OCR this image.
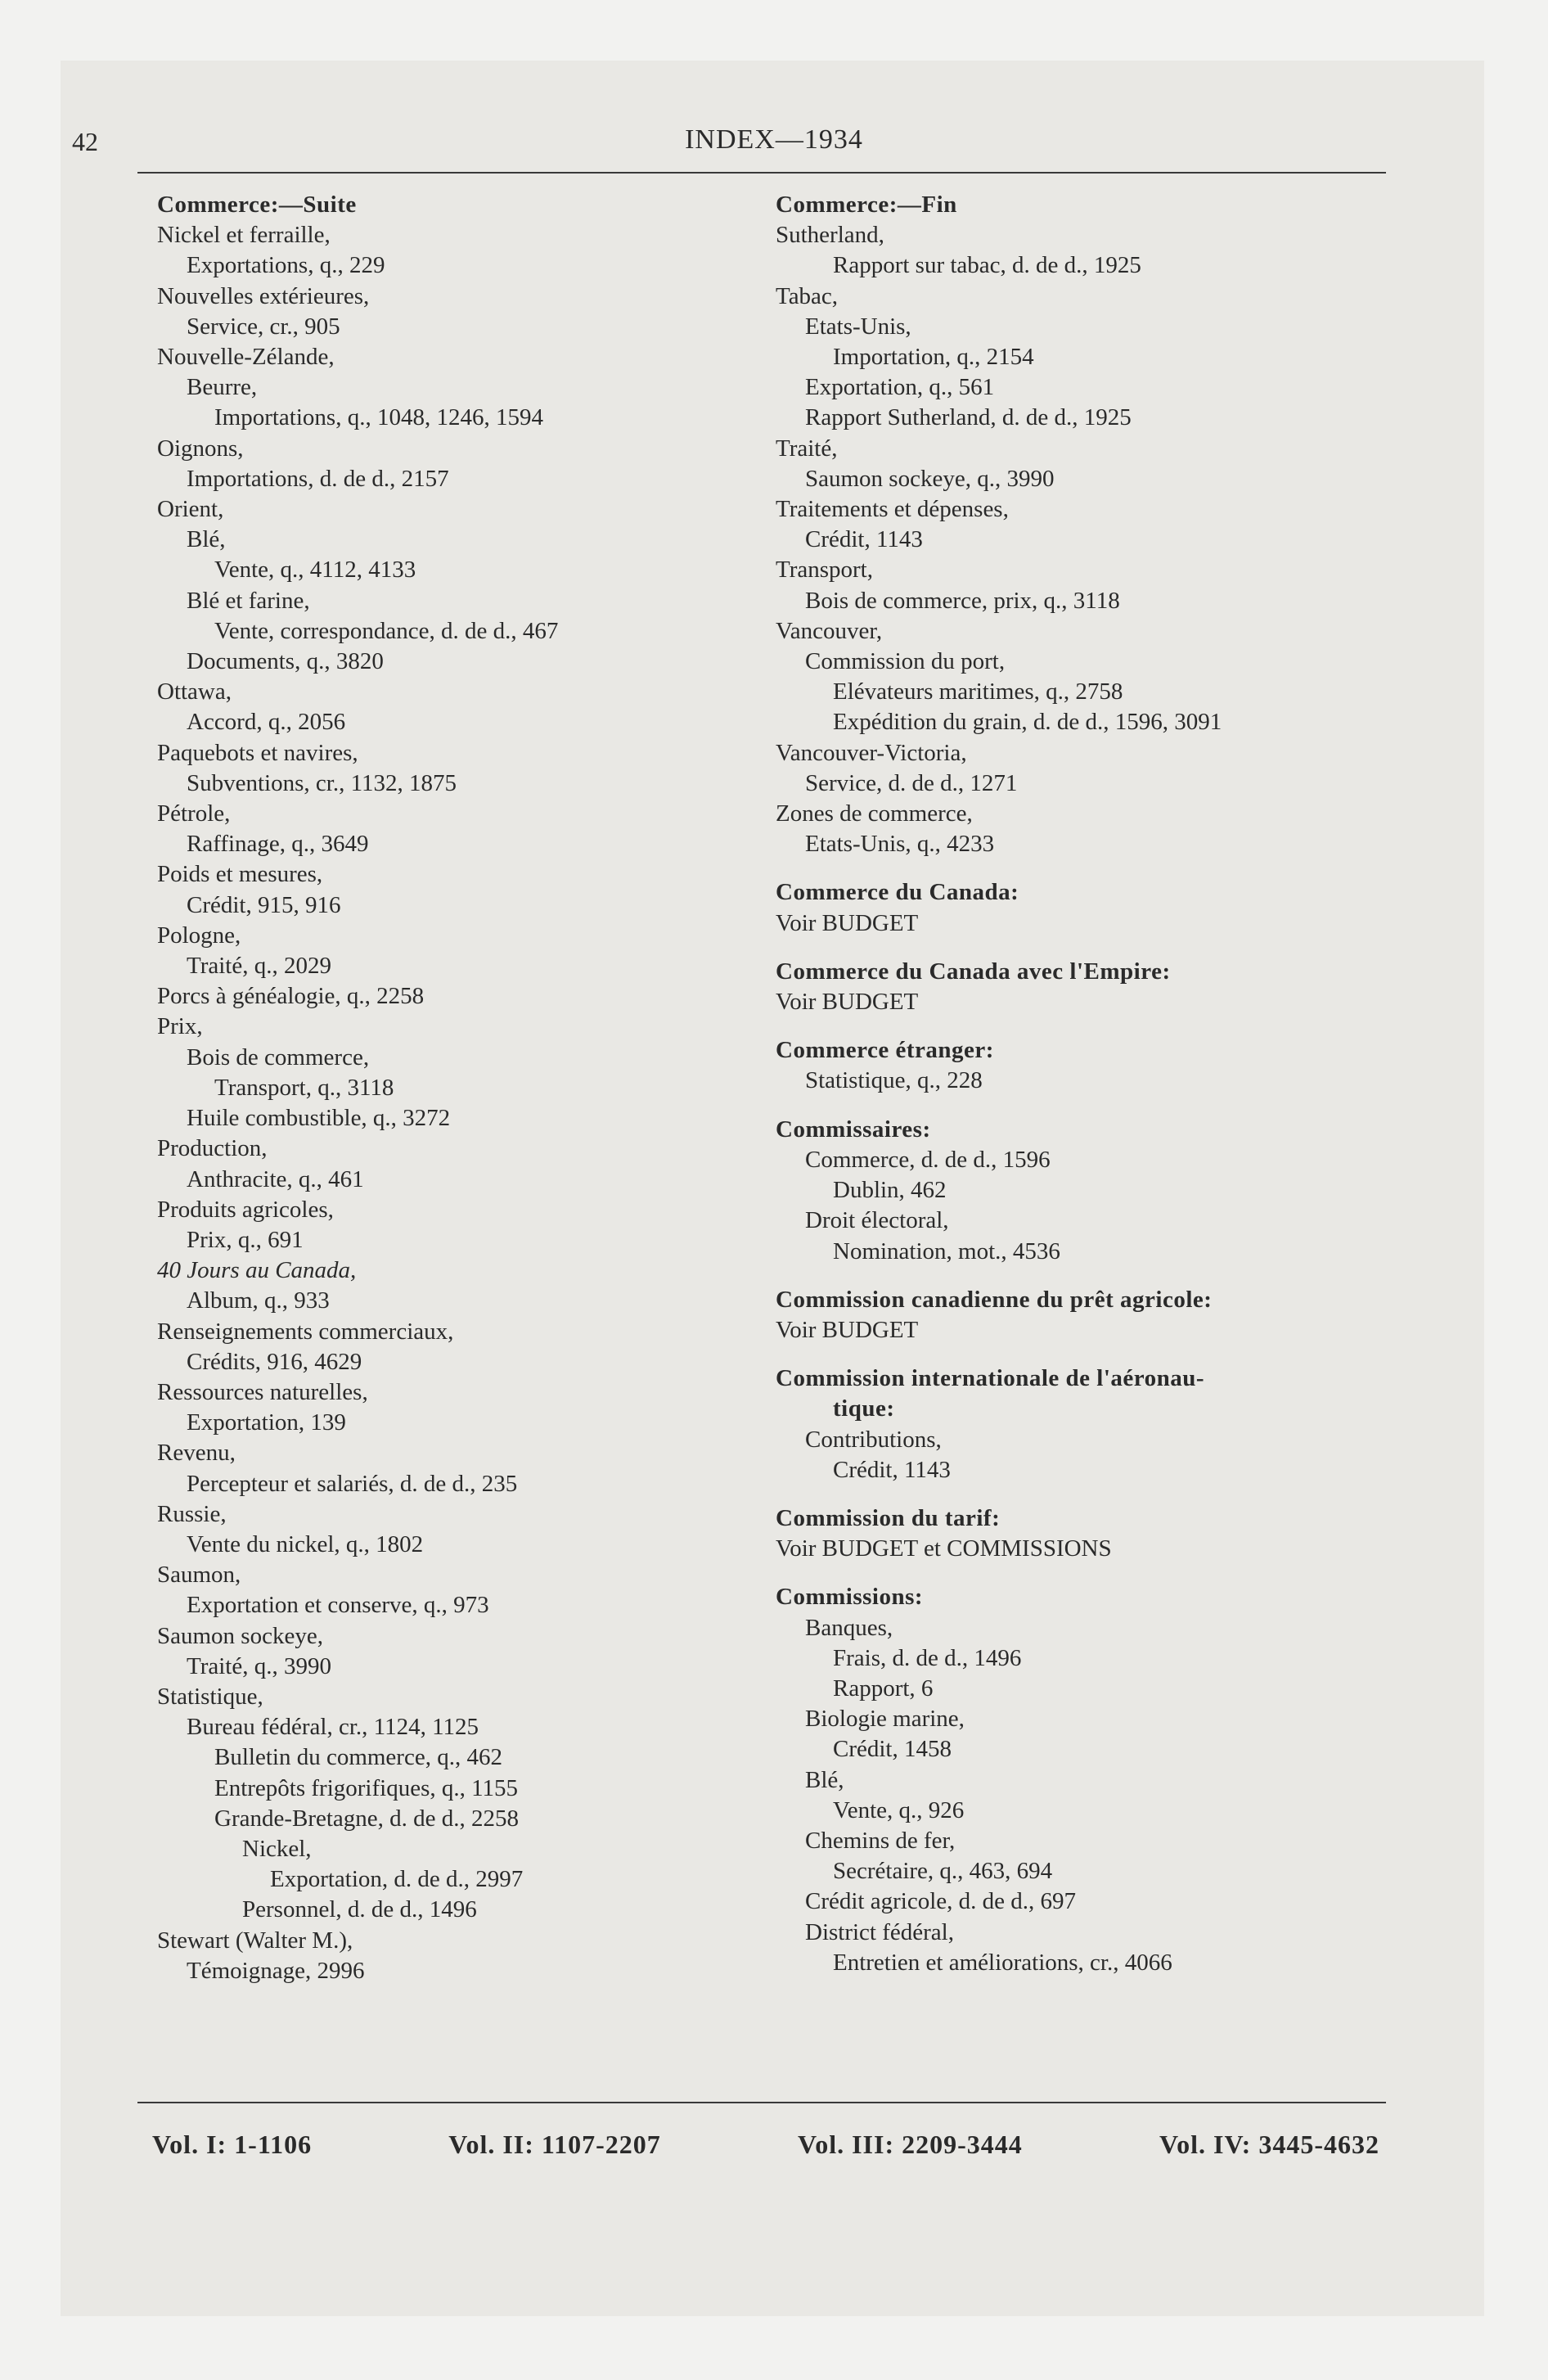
42	INDEX—1934
Commerce:—Suite
Nickel et ferraille,
Exportations, q., 229
Nouvelles extérieures,
Service, cr., 905
Nouvelle-Zélande,
Beurre,
Importations, q., 1048, 1246, 1594
Oignons,
Importations, d. de d., 2157
Orient,
Blé,
Vente, q., 4112, 4133
Blé et farine,
Vente, correspondance, d. de d., 467
Documents, q., 3820
Ottawa,
Accord, q., 2056
Paquebots et navires,
Subventions, cr., 1132, 1875
Pétrole,
Raffinage, q., 3649
Poids et mesures,
Crédit, 915, 916
Pologne,
Traité, q., 2029
Porcs à généalogie, q., 2258
Prix,
Bois de commerce,
Transport, q., 3118
Huile combustible, q., 3272
Production,
Anthracite, q., 461
Produits agricoles,
Prix, q., 691
40 Jours au Canada,
Album, q., 933
Renseignements commerciaux,
Crédits, 916, 4629
Ressources naturelles,
Exportation, 139
Revenu,
Percepteur et salariés, d. de d., 235
Russie,
Vente du nickel, q., 1802
Saumon,
Exportation et conserve, q., 973
Saumon sockeye,
Traité, q., 3990
Statistique,
Bureau fédéral, cr., 1124, 1125
Bulletin du commerce, q., 462
Entrepôts frigorifiques, q., 1155
Grande-Bretagne, d. de d., 2258
Nickel,
Exportation, d. de d., 2997
Personnel, d. de d., 1496
Stewart (Walter M.),
Témoignage, 2996
Commerce:—Fin
Sutherland,
Rapport sur tabac, d. de d., 1925
Tabac,
Etats-Unis,
Importation, q., 2154
Exportation, q., 561
Rapport Sutherland, d. de d., 1925
Traité,
Saumon sockeye, q., 3990
Traitements et dépenses,
Crédit, 1143
Transport,
Bois de commerce, prix, q., 3118
Vancouver,
Commission du port,
Elévateurs maritimes, q., 2758
Expédition du grain, d. de d., 1596, 3091
Vancouver-Victoria,
Service, d. de d., 1271
Zones de commerce,
Etats-Unis, q., 4233
Commerce du Canada:
Voir BUDGET
Commerce du Canada avec l'Empire:
Voir BUDGET
Commerce étranger:
Statistique, q., 228
Commissaires:
Commerce, d. de d., 1596
Dublin, 462
Droit électoral,
Nomination, mot., 4536
Commission canadienne du prêt agricole:
Voir BUDGET
Commission internationale de l'aéronau-
tique:
Contributions,
Crédit, 1143
Commission du tarif:
Voir BUDGET et COMMISSIONS
Commissions:
Banques,
Frais, d. de d., 1496
Rapport, 6
Biologie marine,
Crédit, 1458
Blé,
Vente, q., 926
Chemins de fer,
Secrétaire, q., 463, 694
Crédit agricole, d. de d., 697
District fédéral,
Entretien et améliorations, cr., 4066
Vol. I: 1-1106	Vol. II: 1107-2207	Vol. III: 2209-3444	Vol. IV: 3445-4632
